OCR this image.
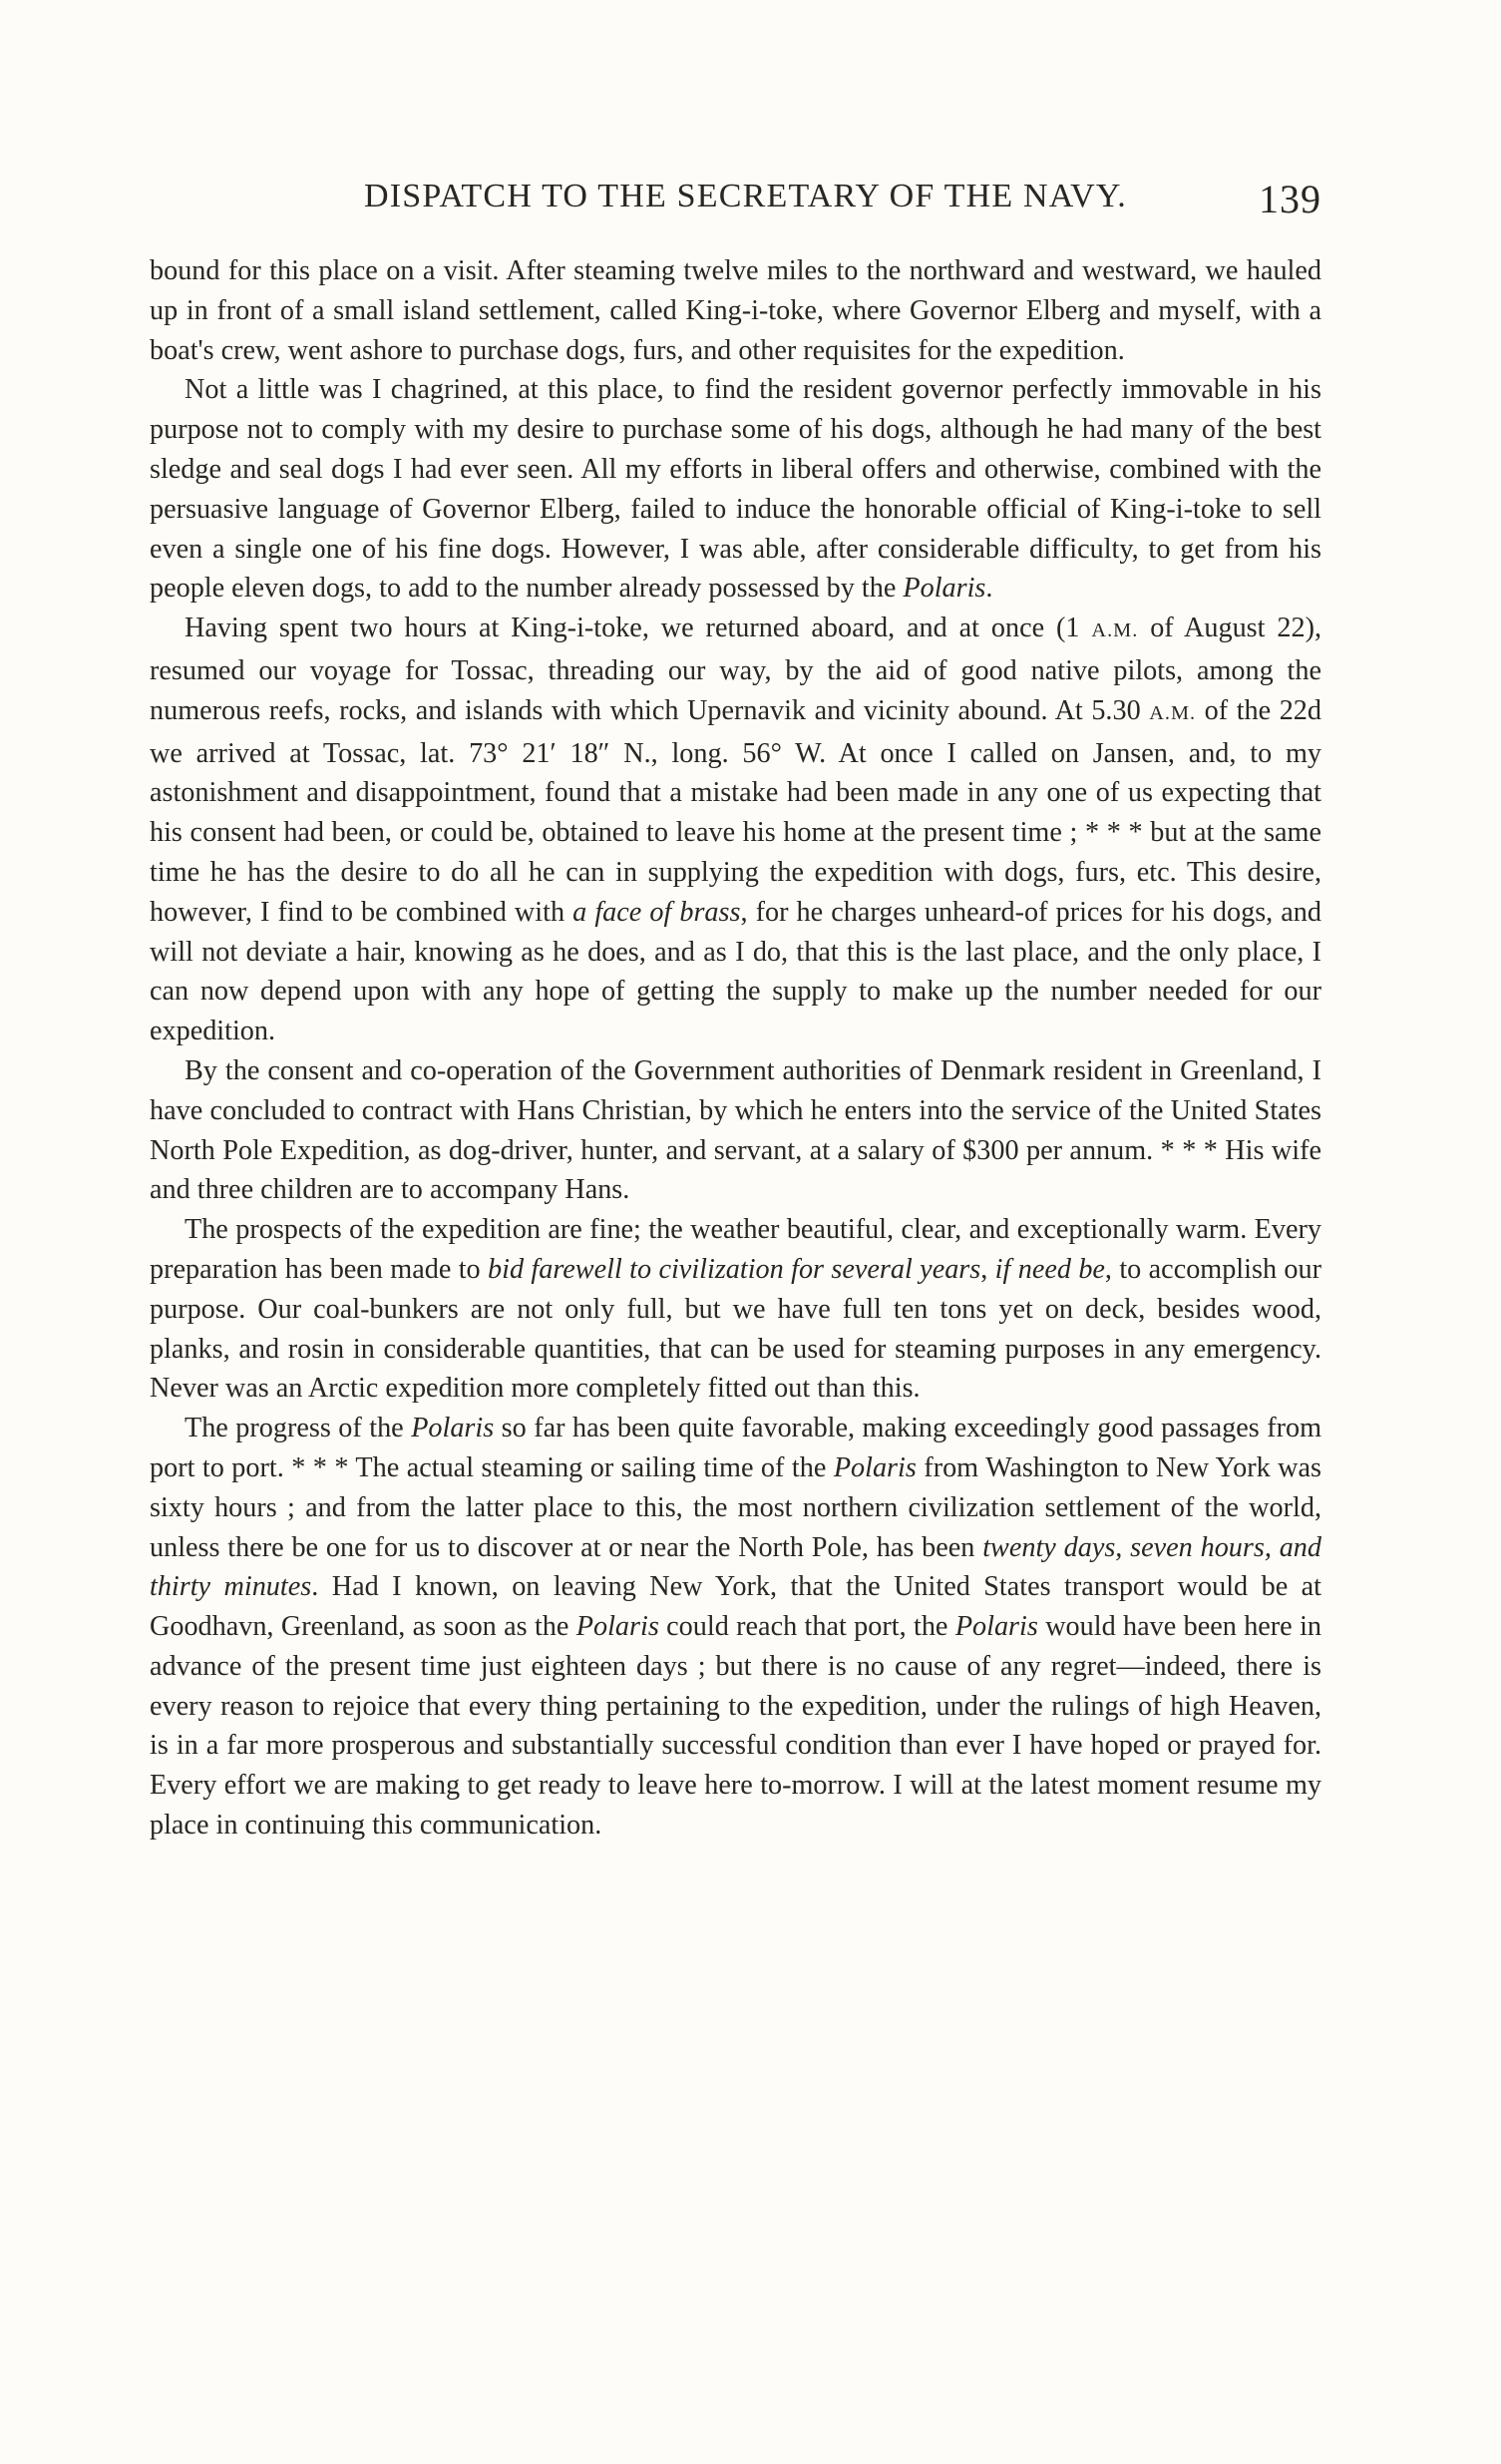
DISPATCH TO THE SECRETARY OF THE NAVY.	139

bound for this place on a visit. After steaming twelve miles to the northward and westward, we hauled up in front of a small island settlement, called King-i-toke, where Governor Elberg and myself, with a boat's crew, went ashore to purchase dogs, furs, and other requisites for the expedition.

Not a little was I chagrined, at this place, to find the resident governor perfectly immovable in his purpose not to comply with my desire to purchase some of his dogs, although he had many of the best sledge and seal dogs I had ever seen. All my efforts in liberal offers and otherwise, combined with the persuasive language of Governor Elberg, failed to induce the honorable official of King-i-toke to sell even a single one of his fine dogs. However, I was able, after considerable difficulty, to get from his people eleven dogs, to add to the number already possessed by the Polaris.

Having spent two hours at King-i-toke, we returned aboard, and at once (1 A.M. of August 22), resumed our voyage for Tossac, threading our way, by the aid of good native pilots, among the numerous reefs, rocks, and islands with which Upernavik and vicinity abound. At 5.30 A.M. of the 22d we arrived at Tossac, lat. 73° 21′ 18″ N., long. 56° W. At once I called on Jansen, and, to my astonishment and disappointment, found that a mistake had been made in any one of us expecting that his consent had been, or could be, obtained to leave his home at the present time ; * * * but at the same time he has the desire to do all he can in supplying the expedition with dogs, furs, etc. This desire, however, I find to be combined with a face of brass, for he charges unheard-of prices for his dogs, and will not deviate a hair, knowing as he does, and as I do, that this is the last place, and the only place, I can now depend upon with any hope of getting the supply to make up the number needed for our expedition.

By the consent and co-operation of the Government authorities of Denmark resident in Greenland, I have concluded to contract with Hans Christian, by which he enters into the service of the United States North Pole Expedition, as dog-driver, hunter, and servant, at a salary of $300 per annum. * * * His wife and three children are to accompany Hans.

The prospects of the expedition are fine; the weather beautiful, clear, and exceptionally warm. Every preparation has been made to bid farewell to civilization for several years, if need be, to accomplish our purpose. Our coal-bunkers are not only full, but we have full ten tons yet on deck, besides wood, planks, and rosin in considerable quantities, that can be used for steaming purposes in any emergency. Never was an Arctic expedition more completely fitted out than this.

The progress of the Polaris so far has been quite favorable, making exceedingly good passages from port to port. * * * The actual steaming or sailing time of the Polaris from Washington to New York was sixty hours ; and from the latter place to this, the most northern civilization settlement of the world, unless there be one for us to discover at or near the North Pole, has been twenty days, seven hours, and thirty minutes. Had I known, on leaving New York, that the United States transport would be at Goodhavn, Greenland, as soon as the Polaris could reach that port, the Polaris would have been here in advance of the present time just eighteen days ; but there is no cause of any regret—indeed, there is every reason to rejoice that every thing pertaining to the expedition, under the rulings of high Heaven, is in a far more prosperous and substantially successful condition than ever I have hoped or prayed for. Every effort we are making to get ready to leave here to-morrow. I will at the latest moment resume my place in continuing this communication.
